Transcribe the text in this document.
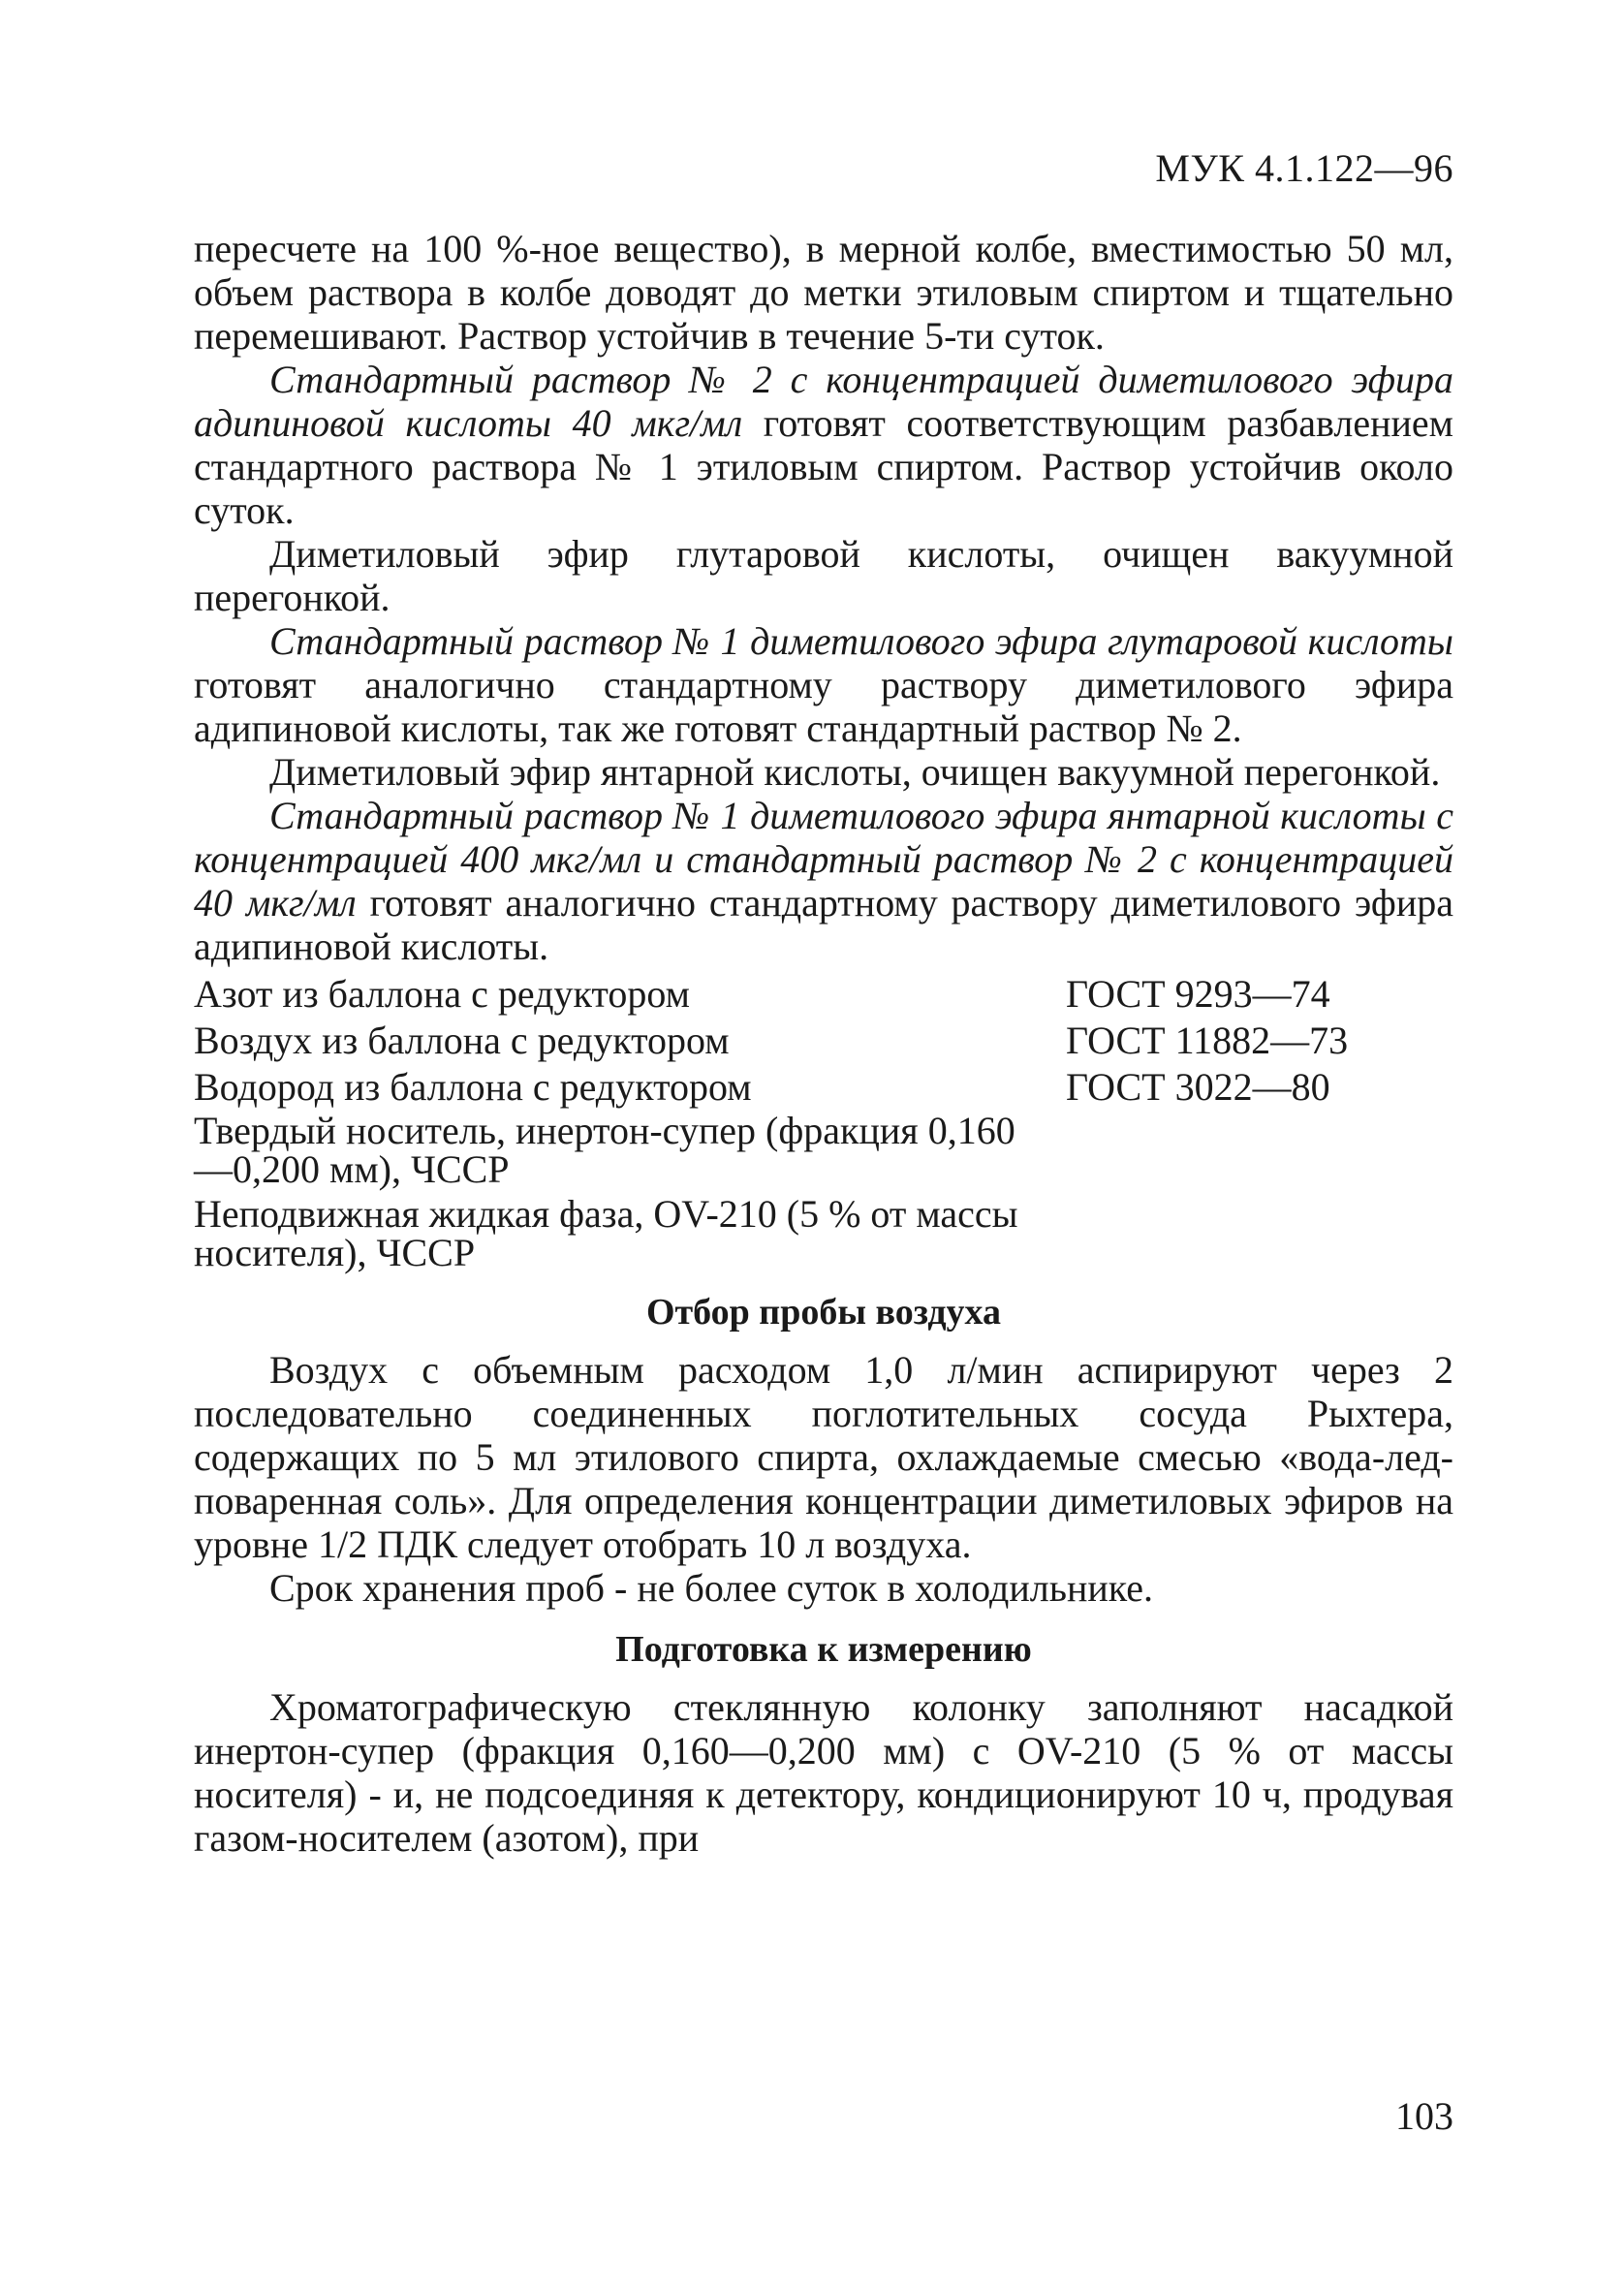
МУК 4.1.122—96

пересчете на 100 %-ное вещество), в мерной колбе, вместимостью 50 мл, объем раствора в колбе доводят до метки этиловым спиртом и тщательно перемешивают. Раствор устойчив в течение 5-ти суток.

Стандартный раствор № 2 с концентрацией диметилового эфира адипиновой кислоты 40 мкг/мл готовят соответствующим разбавлением стандартного раствора № 1 этиловым спиртом. Раствор устойчив около суток.

Диметиловый эфир глутаровой кислоты, очищен вакуумной перегонкой.

Стандартный раствор № 1 диметилового эфира глутаровой кислоты готовят аналогично стандартному раствору диметилового эфира адипиновой кислоты, так же готовят стандартный раствор № 2.

Диметиловый эфир янтарной кислоты, очищен вакуумной перегонкой.

Стандартный раствор № 1 диметилового эфира янтарной кислоты с концентрацией 400 мкг/мл и стандартный раствор № 2 с концентрацией 40 мкг/мл готовят аналогично стандартному раствору диметилового эфира адипиновой кислоты.

Азот из баллона с редуктором	ГОСТ 9293—74
Воздух из баллона с редуктором	ГОСТ 11882—73
Водород из баллона с редуктором	ГОСТ 3022—80
Твердый носитель, инертон-супер (фракция 0,160—0,200 мм), ЧССР
Неподвижная жидкая фаза, OV-210 (5 % от массы носителя), ЧССР
Отбор пробы воздуха

Воздух с объемным расходом 1,0 л/мин аспирируют через 2 последовательно соединенных поглотительных сосуда Рыхтера, содержащих по 5 мл этилового спирта, охлаждаемые смесью «вода-лед-поваренная соль». Для определения концентрации диметиловых эфиров на уровне 1/2 ПДК следует отобрать 10 л воздуха.

Срок хранения проб - не более суток в холодильнике.

Подготовка к измерению

Хроматографическую стеклянную колонку заполняют насадкой инертон-супер (фракция 0,160—0,200 мм) с OV-210 (5 % от массы носителя) - и, не подсоединяя к детектору, кондиционируют 10 ч, продувая газом-носителем (азотом), при

103
